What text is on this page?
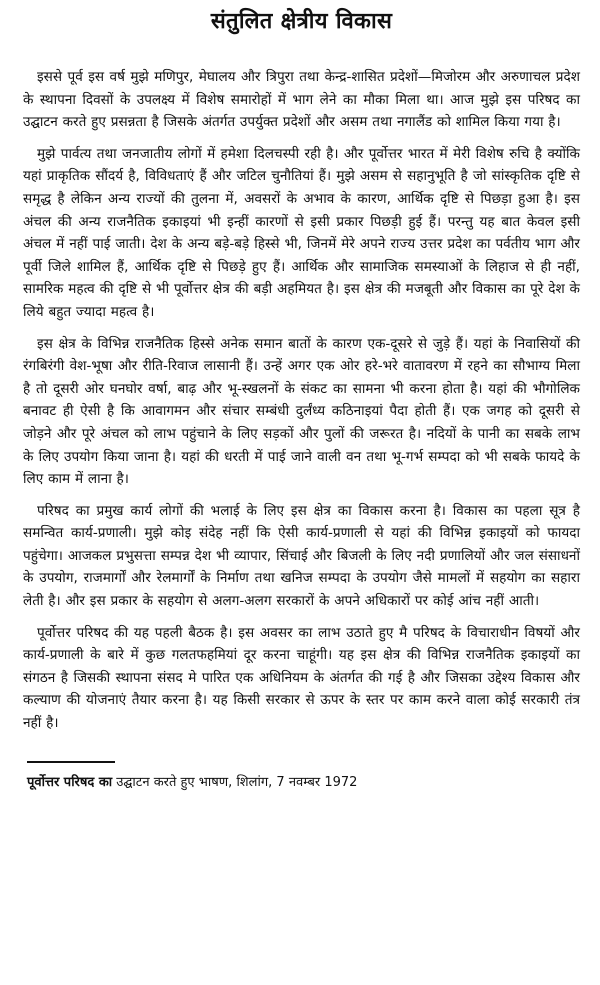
संतुलित क्षेत्रीय विकास

इससे पूर्व इस वर्ष मुझे मणिपुर, मेघालय और त्रिपुरा तथा केन्द्र-शासित प्रदेशों—मिजोरम और अरुणाचल प्रदेश के स्थापना दिवसों के उपलक्ष्य में विशेष समारोहों में भाग लेने का मौका मिला था। आज मुझे इस परिषद का उद्घाटन करते हुए प्रसन्नता है जिसके अंतर्गत उपर्युक्त प्रदेशों और असम तथा नगालैंड को शामिल किया गया है।

मुझे पार्वत्य तथा जनजातीय लोगों में हमेशा दिलचस्पी रही है। और पूर्वोत्तर भारत में मेरी विशेष रुचि है क्योंकि यहां प्राकृतिक सौंदर्य है, विविधताएं हैं और जटिल चुनौतियां हैं। मुझे असम से सहानुभूति है जो सांस्कृतिक दृष्टि से समृद्ध है लेकिन अन्य राज्यों की तुलना में, अवसरों के अभाव के कारण, आर्थिक दृष्टि से पिछड़ा हुआ है। इस अंचल की अन्य राजनैतिक इकाइयां भी इन्हीं कारणों से इसी प्रकार पिछड़ी हुई हैं। परन्तु यह बात केवल इसी अंचल में नहीं पाई जाती। देश के अन्य बड़े-बड़े हिस्से भी, जिनमें मेरे अपने राज्य उत्तर प्रदेश का पर्वतीय भाग और पूर्वी जिले शामिल हैं, आर्थिक दृष्टि से पिछड़े हुए हैं। आर्थिक और सामाजिक समस्याओं के लिहाज से ही नहीं, सामरिक महत्व की दृष्टि से भी पूर्वोत्तर क्षेत्र की बड़ी अहमियत है। इस क्षेत्र की मजबूती और विकास का पूरे देश के लिये बहुत ज्यादा महत्व है।

इस क्षेत्र के विभिन्न राजनैतिक हिस्से अनेक समान बातों के कारण एक-दूसरे से जुड़े हैं। यहां के निवासियों की रंगबिरंगी वेश-भूषा और रीति-रिवाज लासानी हैं। उन्हें अगर एक ओर हरे-भरे वातावरण में रहने का सौभाग्य मिला है तो दूसरी ओर घनघोर वर्षा, बाढ़ और भू-स्खलनों के संकट का सामना भी करना होता है। यहां की भौगोलिक बनावट ही ऐसी है कि आवागमन और संचार सम्बंधी दुर्लंध्य कठिनाइयां पैदा होती हैं। एक जगह को दूसरी से जोड़ने और पूरे अंचल को लाभ पहुंचाने के लिए सड़कों और पुलों की जरूरत है। नदियों के पानी का सबके लाभ के लिए उपयोग किया जाना है। यहां की धरती में पाई जाने वाली वन तथा भू-गर्भ सम्पदा को भी सबके फायदे के लिए काम में लाना है।

परिषद का प्रमुख कार्य लोगों की भलाई के लिए इस क्षेत्र का विकास करना है। विकास का पहला सूत्र है समन्वित कार्य-प्रणाली। मुझे कोइ संदेह नहीं कि ऐसी कार्य-प्रणाली से यहां की विभिन्न इकाइयों को फायदा पहुंचेगा। आजकल प्रभुसत्ता सम्पन्न देश भी व्यापार, सिंचाई और बिजली के लिए नदी प्रणालियों और जल संसाधनों के उपयोग, राजमार्गों और रेलमार्गों के निर्माण तथा खनिज सम्पदा के उपयोग जैसे मामलों में सहयोग का सहारा लेती है। और इस प्रकार के सहयोग से अलग-अलग सरकारों के अपने अधिकारों पर कोई आंच नहीं आती।

पूर्वोत्तर परिषद की यह पहली बैठक है। इस अवसर का लाभ उठाते हुए मै परिषद के विचाराधीन विषयों और कार्य-प्रणाली के बारे में कुछ गलतफहमियां दूर करना चाहूंगी। यह इस क्षेत्र की विभिन्न राजनैतिक इकाइयों का संगठन है जिसकी स्थापना संसद मे पारित एक अधिनियम के अंतर्गत की गई है और जिसका उद्देश्य विकास और कल्याण की योजनाएं तैयार करना है। यह किसी सरकार से ऊपर के स्तर पर काम करने वाला कोई सरकारी तंत्र नहीं है।

पूर्वोत्तर परिषद का उद्घाटन करते हुए भाषण, शिलांग, 7 नवम्बर 1972
